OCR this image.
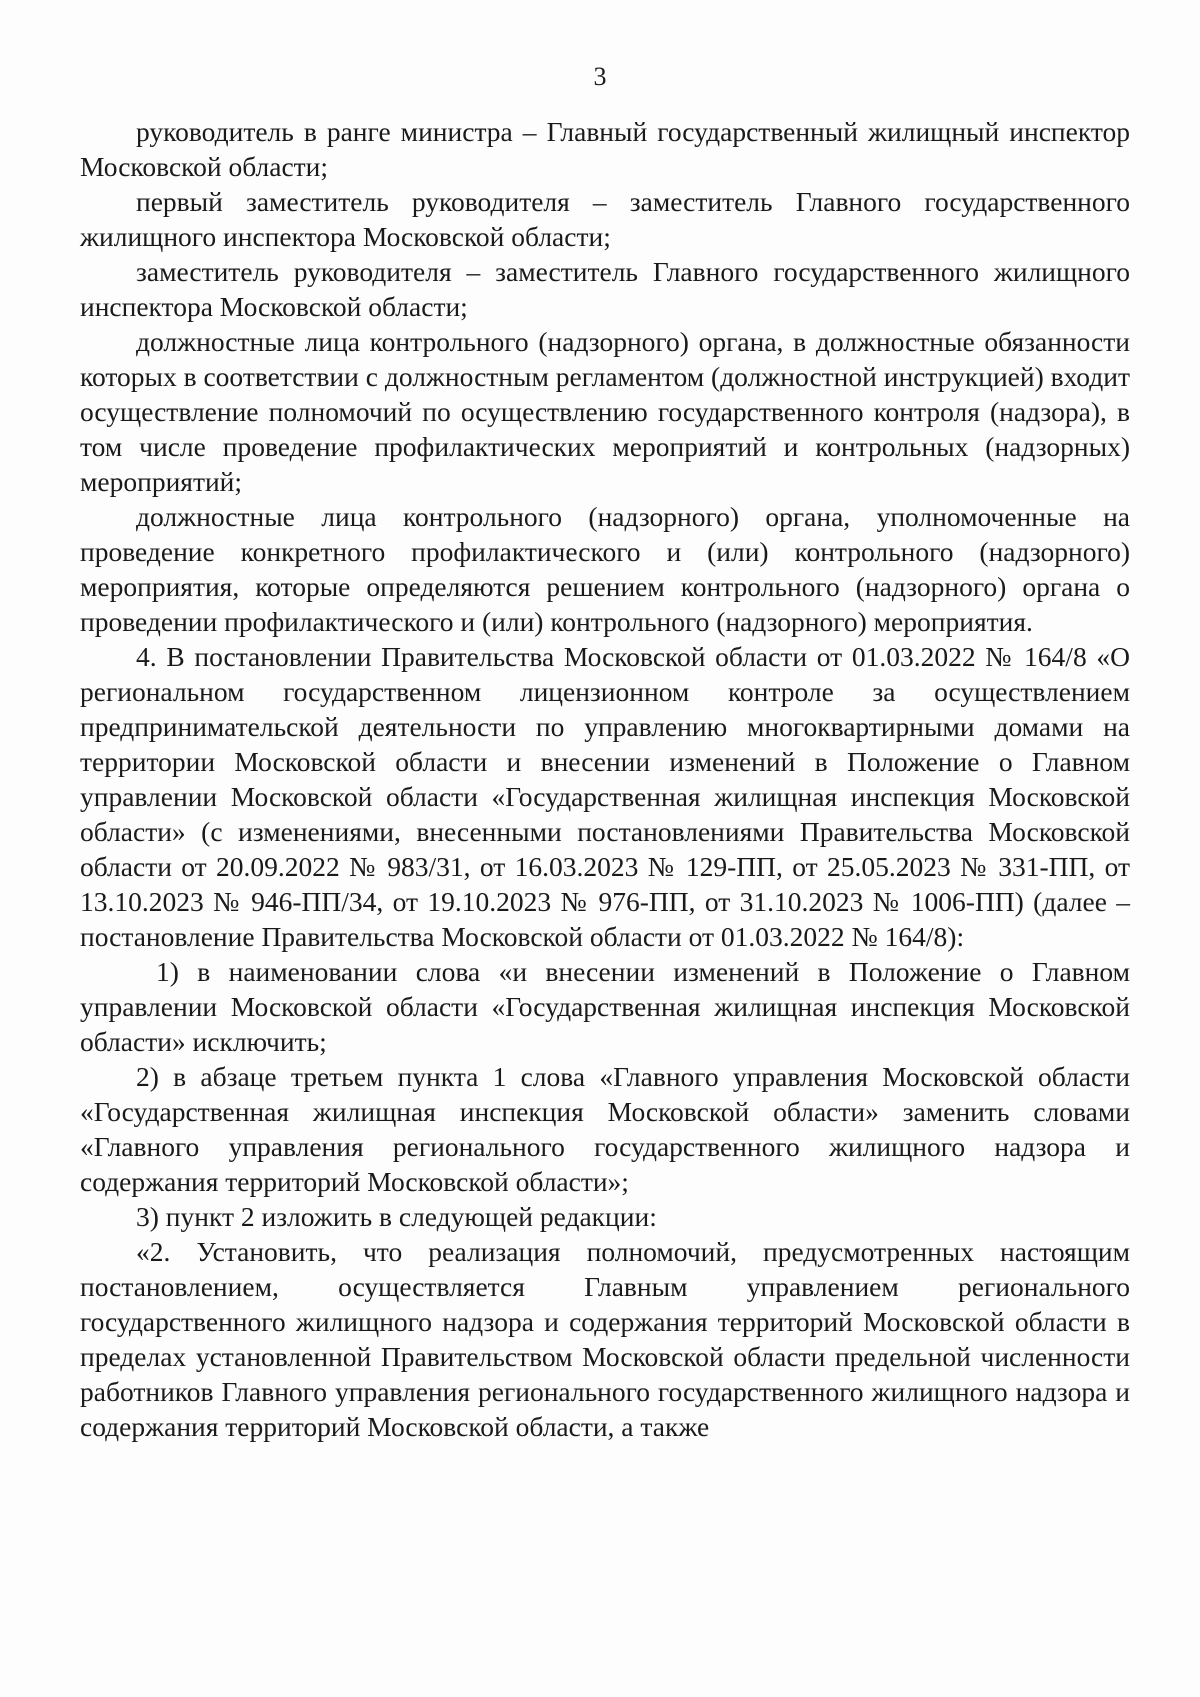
3

руководитель в ранге министра – Главный государственный жилищный инспектор Московской области;

первый заместитель руководителя – заместитель Главного государственного жилищного инспектора Московской области;

заместитель руководителя – заместитель Главного государственного жилищного инспектора Московской области;

должностные лица контрольного (надзорного) органа, в должностные обязанности которых в соответствии с должностным регламентом (должностной инструкцией) входит осуществление полномочий по осуществлению государственного контроля (надзора), в том числе проведение профилактических мероприятий и контрольных (надзорных) мероприятий;

должностные лица контрольного (надзорного) органа, уполномоченные на проведение конкретного профилактического и (или) контрольного (надзорного) мероприятия, которые определяются решением контрольного (надзорного) органа о проведении профилактического и (или) контрольного (надзорного) мероприятия.

4. В постановлении Правительства Московской области от 01.03.2022 № 164/8 «О региональном государственном лицензионном контроле за осуществлением предпринимательской деятельности по управлению многоквартирными домами на территории Московской области и внесении изменений в Положение о Главном управлении Московской области «Государственная жилищная инспекция Московской области» (с изменениями, внесенными постановлениями Правительства Московской области от 20.09.2022 № 983/31, от 16.03.2023 № 129-ПП, от 25.05.2023 № 331-ПП, от 13.10.2023 № 946-ПП/34, от 19.10.2023 № 976-ПП, от 31.10.2023 № 1006-ПП) (далее – постановление Правительства Московской области от 01.03.2022 № 164/8):

1) в наименовании слова «и внесении изменений в Положение о Главном управлении Московской области «Государственная жилищная инспекция Московской области» исключить;

2) в абзаце третьем пункта 1 слова «Главного управления Московской области «Государственная жилищная инспекция Московской области» заменить словами «Главного управления регионального государственного жилищного надзора и содержания территорий Московской области»;

3) пункт 2 изложить в следующей редакции:

«2. Установить, что реализация полномочий, предусмотренных настоящим постановлением, осуществляется Главным управлением регионального государственного жилищного надзора и содержания территорий Московской области в пределах установленной Правительством Московской области предельной численности работников Главного управления регионального государственного жилищного надзора и содержания территорий Московской области, а также
